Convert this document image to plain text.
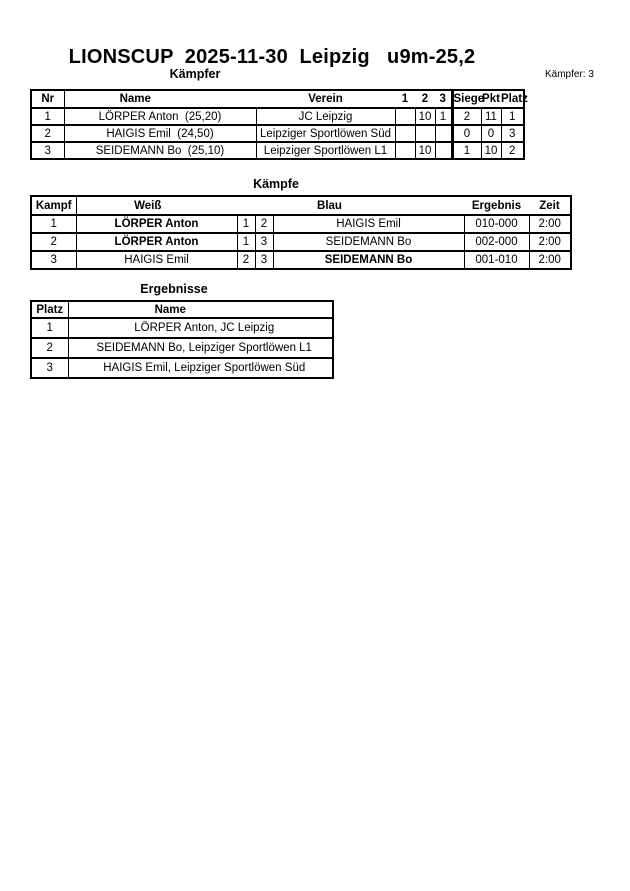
LIONSCUP  2025-11-30  Leipzig   u9m-25,2
Kämpfer	Kämpfer: 3
Nr	Name	Verein	1	2	3	Siege	Pkt	Platz
1	LÖRPER Anton  (25,20)	JC Leipzig		10	1	2	11	1
2	HAIGIS Emil  (24,50)	Leipziger Sportlöwen Süd				0	0	3
3	SEIDEMANN Bo  (25,10)	Leipziger Sportlöwen L1		10		1	10	2
Kämpfe
Kampf	Weiß			Blau	Ergebnis	Zeit
1	LÖRPER Anton	1	2	HAIGIS Emil	010-000	2:00
2	LÖRPER Anton	1	3	SEIDEMANN Bo	002-000	2:00
3	HAIGIS Emil	2	3	SEIDEMANN Bo	001-010	2:00
Ergebnisse
Platz	Name
1	LÖRPER Anton, JC Leipzig
2	SEIDEMANN Bo, Leipziger Sportlöwen L1
3	HAIGIS Emil, Leipziger Sportlöwen Süd
